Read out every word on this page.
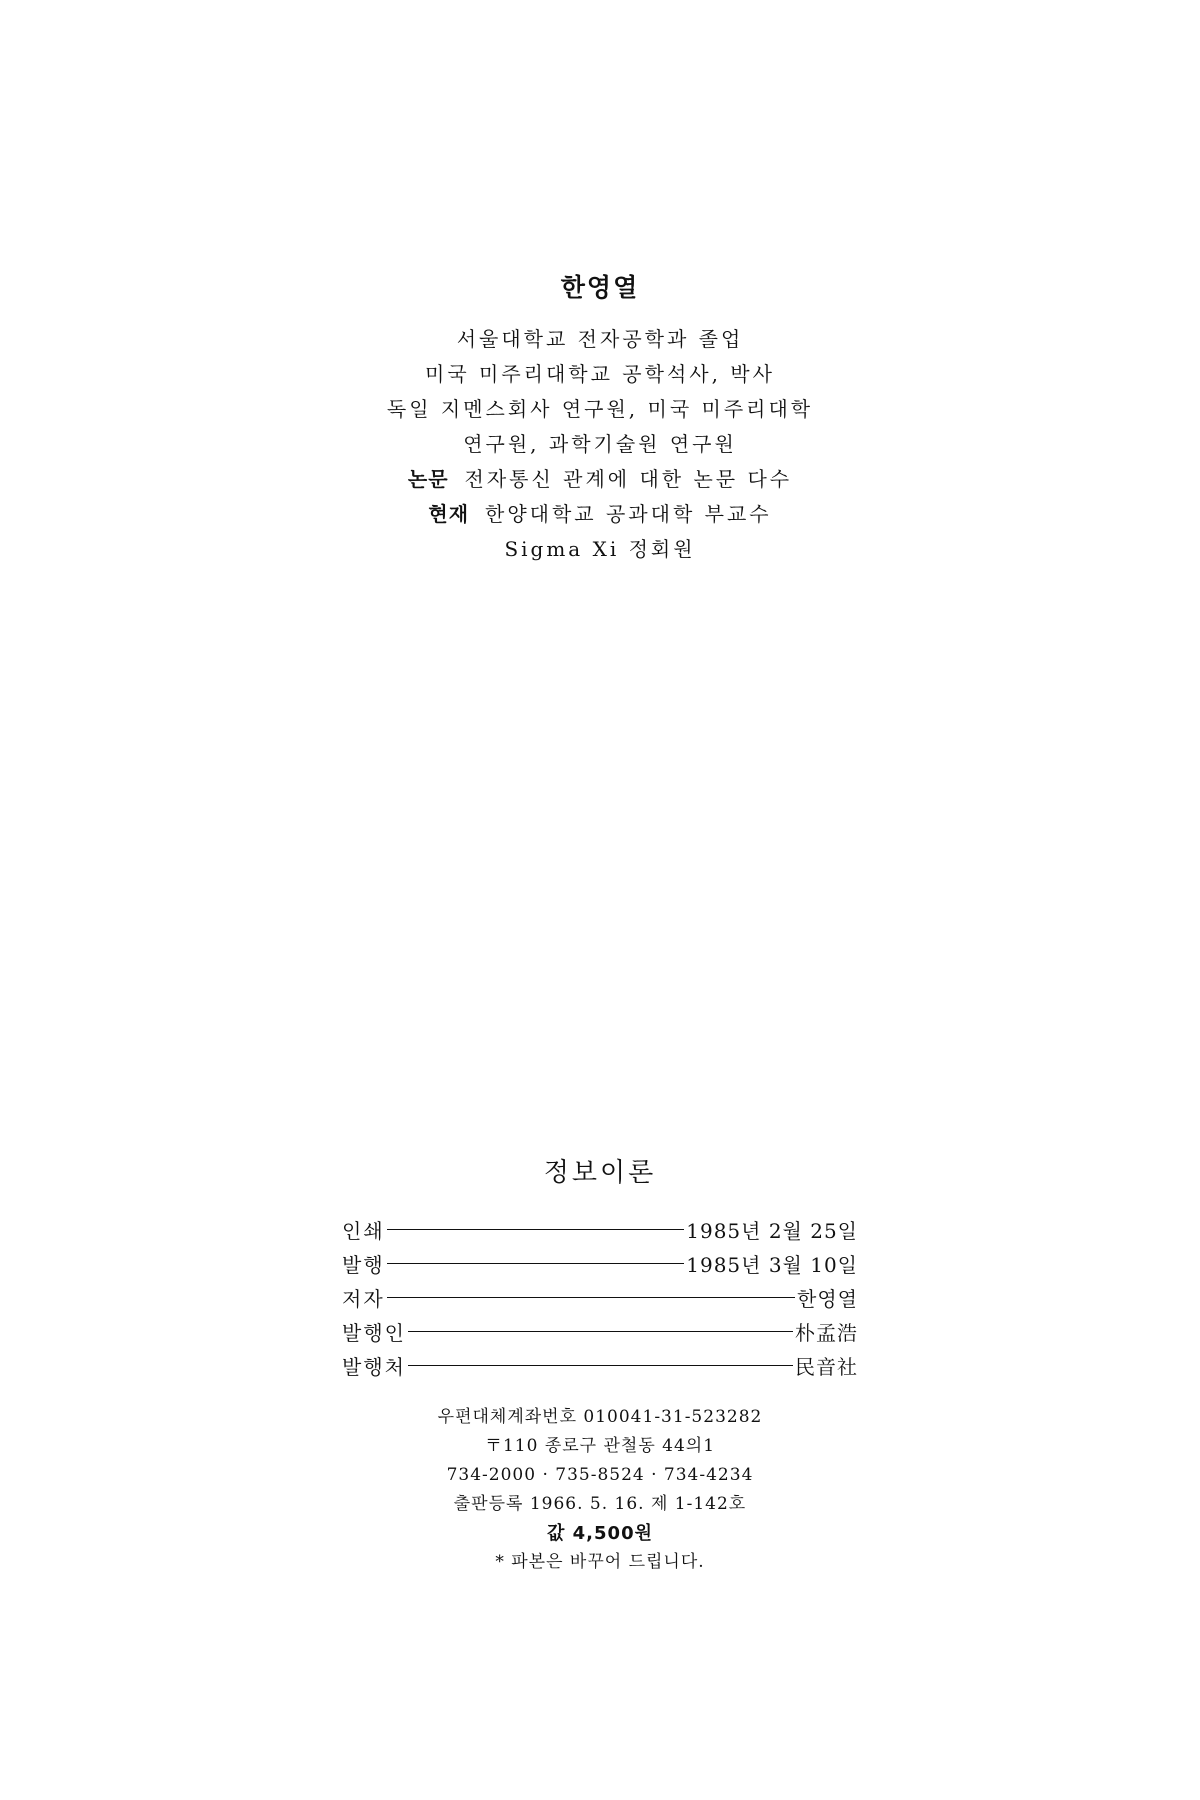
한영열
서울대학교 전자공학과 졸업
미국 미주리대학교 공학석사, 박사
독일 지멘스회사 연구원, 미국 미주리대학
연구원, 과학기술원 연구원
논문 전자통신 관계에 대한 논문 다수
현재 한양대학교 공과대학 부교수
Sigma Xi 정회원
정보이론
인쇄	1985년 2월 25일
발행	1985년 3월 10일
저자	한영열
발행인	朴孟浩
발행처	民音社
우편대체계좌번호 010041-31-523282
〒110 종로구 관철동 44의1
734-2000 · 735-8524 · 734-4234
출판등록 1966. 5. 16. 제 1-142호
값 4,500원
* 파본은 바꾸어 드립니다.
